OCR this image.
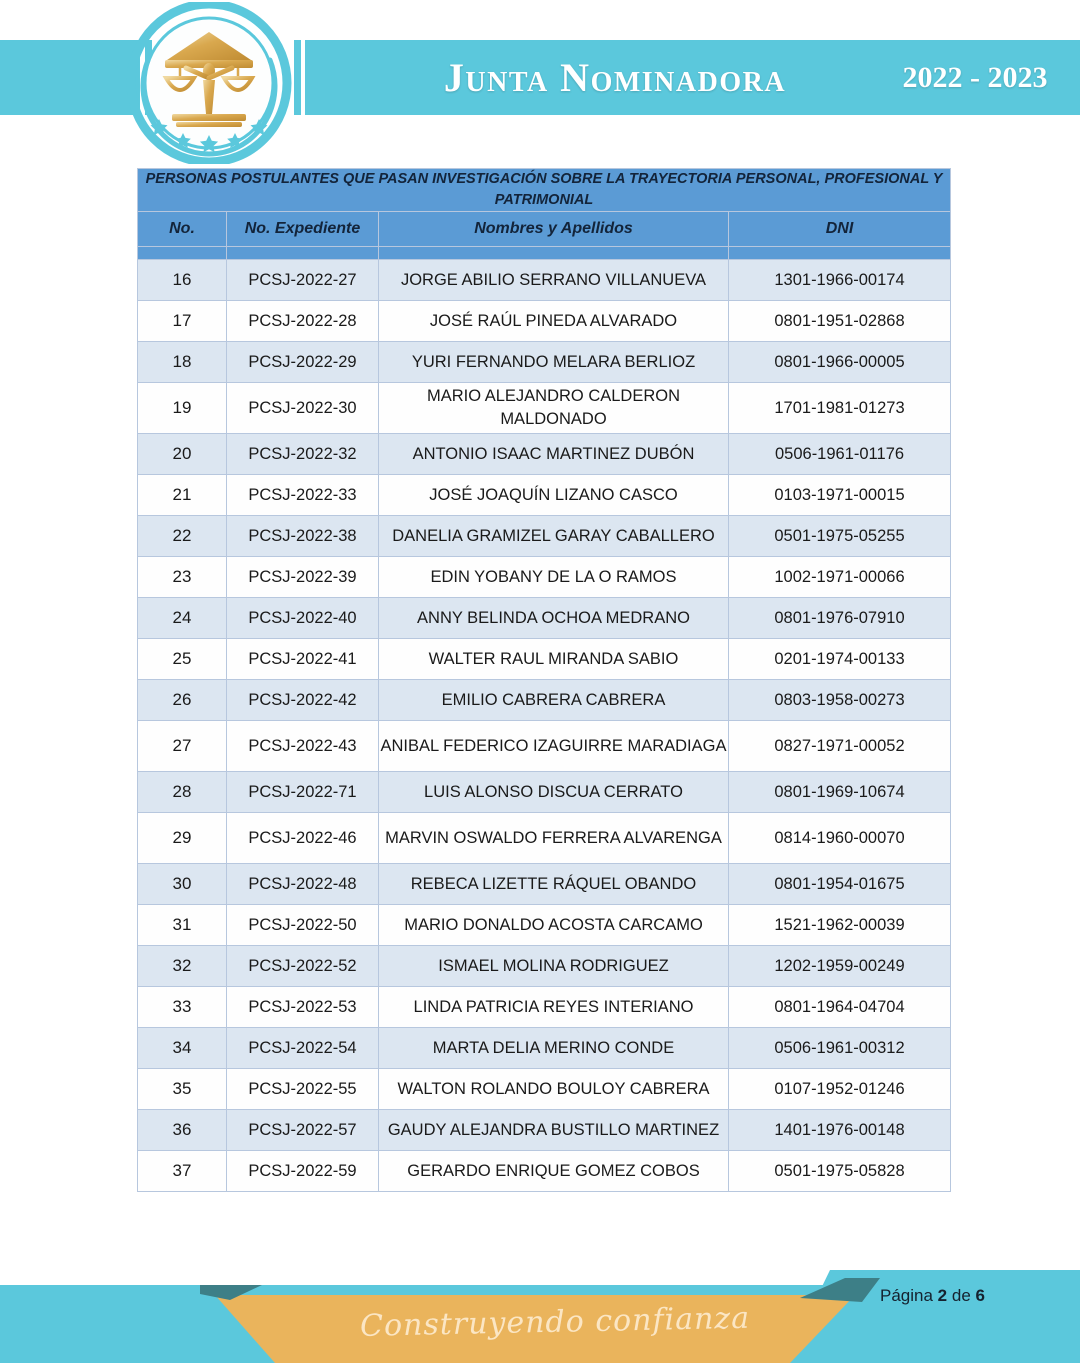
Junta Nominadora	2022 - 2023
PERSONAS POSTULANTES QUE PASAN INVESTIGACIÓN SOBRE LA TRAYECTORIA PERSONAL, PROFESIONAL Y PATRIMONIAL			
No.	No. Expediente	Nombres y Apellidos	DNI

16	PCSJ-2022-27	JORGE ABILIO SERRANO VILLANUEVA	1301-1966-00174
17	PCSJ-2022-28	JOSÉ RAÚL PINEDA ALVARADO	0801-1951-02868
18	PCSJ-2022-29	YURI FERNANDO MELARA BERLIOZ	0801-1966-00005
19	PCSJ-2022-30	MARIO ALEJANDRO CALDERON MALDONADO	1701-1981-01273
20	PCSJ-2022-32	ANTONIO ISAAC MARTINEZ DUBÓN	0506-1961-01176
21	PCSJ-2022-33	JOSÉ JOAQUÍN LIZANO CASCO	0103-1971-00015
22	PCSJ-2022-38	DANELIA GRAMIZEL GARAY CABALLERO	0501-1975-05255
23	PCSJ-2022-39	EDIN YOBANY DE LA O RAMOS	1002-1971-00066
24	PCSJ-2022-40	ANNY BELINDA OCHOA MEDRANO	0801-1976-07910
25	PCSJ-2022-41	WALTER RAUL MIRANDA SABIO	0201-1974-00133
26	PCSJ-2022-42	EMILIO CABRERA CABRERA	0803-1958-00273
27	PCSJ-2022-43	ANIBAL FEDERICO IZAGUIRRE MARADIAGA	0827-1971-00052
28	PCSJ-2022-71	LUIS ALONSO DISCUA CERRATO	0801-1969-10674
29	PCSJ-2022-46	MARVIN OSWALDO FERRERA ALVARENGA	0814-1960-00070
30	PCSJ-2022-48	REBECA LIZETTE RÁQUEL OBANDO	0801-1954-01675
31	PCSJ-2022-50	MARIO DONALDO ACOSTA CARCAMO	1521-1962-00039
32	PCSJ-2022-52	ISMAEL MOLINA RODRIGUEZ	1202-1959-00249
33	PCSJ-2022-53	LINDA PATRICIA REYES INTERIANO	0801-1964-04704
34	PCSJ-2022-54	MARTA DELIA MERINO CONDE	0506-1961-00312
35	PCSJ-2022-55	WALTON ROLANDO BOULOY CABRERA	0107-1952-01246
36	PCSJ-2022-57	GAUDY ALEJANDRA BUSTILLO MARTINEZ	1401-1976-00148
37	PCSJ-2022-59	GERARDO ENRIQUE GOMEZ COBOS	0501-1975-05828
Construyendo confianza
Página 2 de 6
